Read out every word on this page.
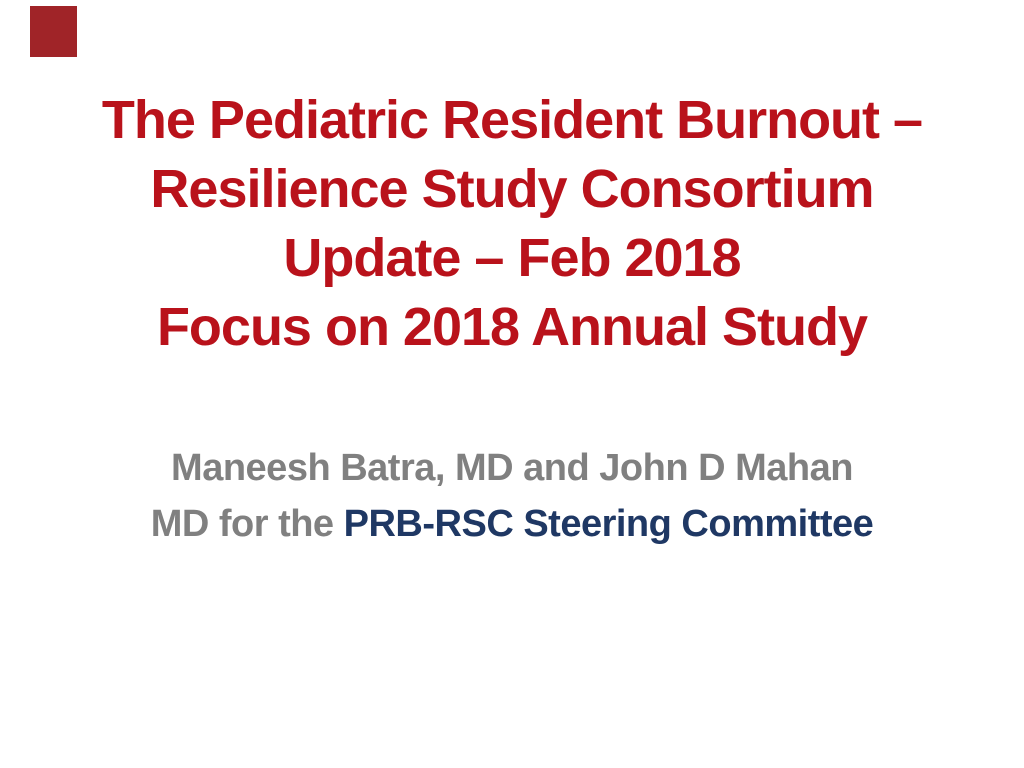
The Pediatric Resident Burnout –
Resilience Study Consortium
Update – Feb 2018
Focus on 2018 Annual Study
Maneesh Batra, MD and John D Mahan
MD for the PRB-RSC Steering Committee
